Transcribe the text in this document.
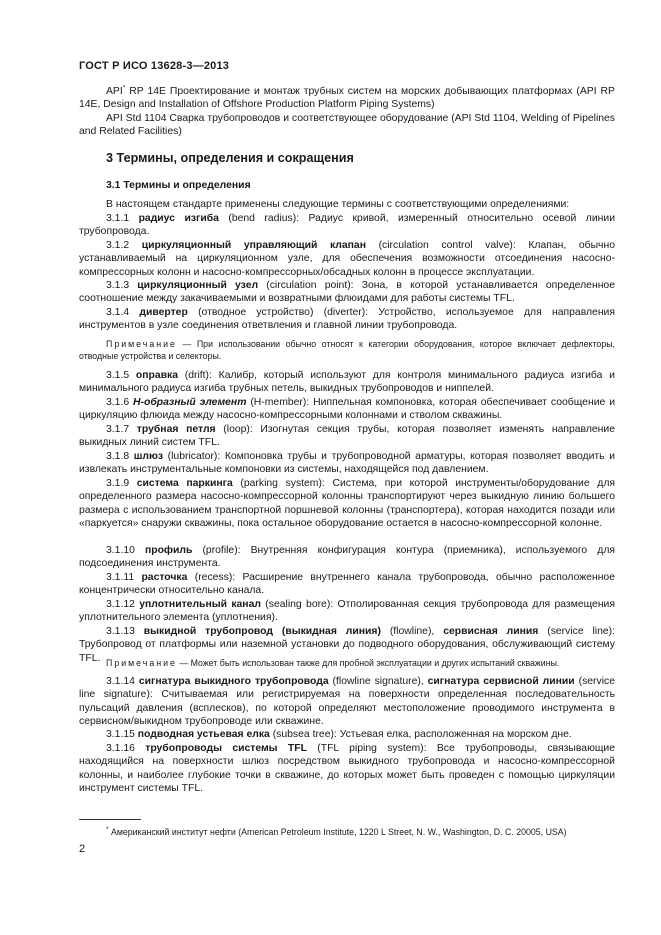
ГОСТ Р ИСО 13628-3—2013

API* RP 14E Проектирование и монтаж трубных систем на морских добывающих платформах (API RP 14E, Design and Installation of Offshore Production Platform Piping Systems)

API Std 1104 Сварка трубопроводов и соответствующее оборудование (API Std 1104, Welding of Pipelines and Related Facilities)

3 Термины, определения и сокращения
3.1 Термины и определения

В настоящем стандарте применены следующие термины с соответствующими определениями:

3.1.1 радиус изгиба (bend radius): Радиус кривой, измеренный относительно осевой линии трубопровода.

3.1.2 циркуляционный управляющий клапан (circulation control valve): Клапан, обычно устанавливаемый на циркуляционном узле, для обеспечения возможности отсоединения насосно-компрессорных колонн и насосно-компрессорных/обсадных колонн в процессе эксплуатации.

3.1.3 циркуляционный узел (circulation point): Зона, в которой устанавливается определенное соотношение между закачиваемыми и возвратными флюидами для работы системы TFL.

3.1.4 дивертер (отводное устройство) (diverter): Устройство, используемое для направления инструментов в узле соединения ответвления и главной линии трубопровода.

Примечание — При использовании обычно относят к категории оборудования, которое включает дефлекторы, отводные устройства и селекторы.

3.1.5 оправка (drift): Калибр, который используют для контроля минимального радиуса изгиба и минимального радиуса изгиба трубных петель, выкидных трубопроводов и ниппелей.

3.1.6 Н-образный элемент (H-member): Ниппельная компоновка, которая обеспечивает сообщение и циркуляцию флюида между насосно-компрессорными колоннами и стволом скважины.

3.1.7 трубная петля (loop): Изогнутая секция трубы, которая позволяет изменять направление выкидных линий систем TFL.

3.1.8 шлюз (lubricator): Компоновка трубы и трубопроводной арматуры, которая позволяет вводить и извлекать инструментальные компоновки из системы, находящейся под давлением.

3.1.9 система паркинга (parking system): Система, при которой инструменты/оборудование для определенного размера насосно-компрессорной колонны транспортируют через выкидную линию большего размера с использованием транспортной поршневой колонны (транспортера), которая находится позади или «паркуется» снаружи скважины, пока остальное оборудование остается в насосно-компрессорной колонне.

3.1.10 профиль (profile): Внутренняя конфигурация контура (приемника), используемого для подсоединения инструмента.

3.1.11 расточка (recess): Расширение внутреннего канала трубопровода, обычно расположенное концентрически относительно канала.

3.1.12 уплотнительный канал (sealing bore): Отполированная секция трубопровода для размещения уплотнительного элемента (уплотнения).

3.1.13 выкидной трубопровод (выкидная линия) (flowline), сервисная линия (service line): Трубопровод от платформы или наземной установки до подводного оборудования, обслуживающий систему TFL. Примечание — Может быть использован также для пробной эксплуатации и других испытаний скважины.

3.1.14 сигнатура выкидного трубопровода (flowline signature), сигнатура сервисной линии (service line signature): Считываемая или регистрируемая на поверхности определенная последовательность пульсаций давления (всплесков), по которой определяют местоположение проводимого инструмента в сервисном/выкидном трубопроводе или скважине.

3.1.15 подводная устьевая елка (subsea tree): Устьевая елка, расположенная на морском дне.

3.1.16 трубопроводы системы TFL (TFL piping system): Все трубопроводы, связывающие находящийся на поверхности шлюз посредством выкидного трубопровода и насосно-компрессорной колонны, и наиболее глубокие точки в скважине, до которых может быть проведен с помощью циркуляции инструмент системы TFL.

* Американский институт нефти (American Petroleum Institute, 1220 L Street, N. W., Washington, D. C. 20005, USA)

2
